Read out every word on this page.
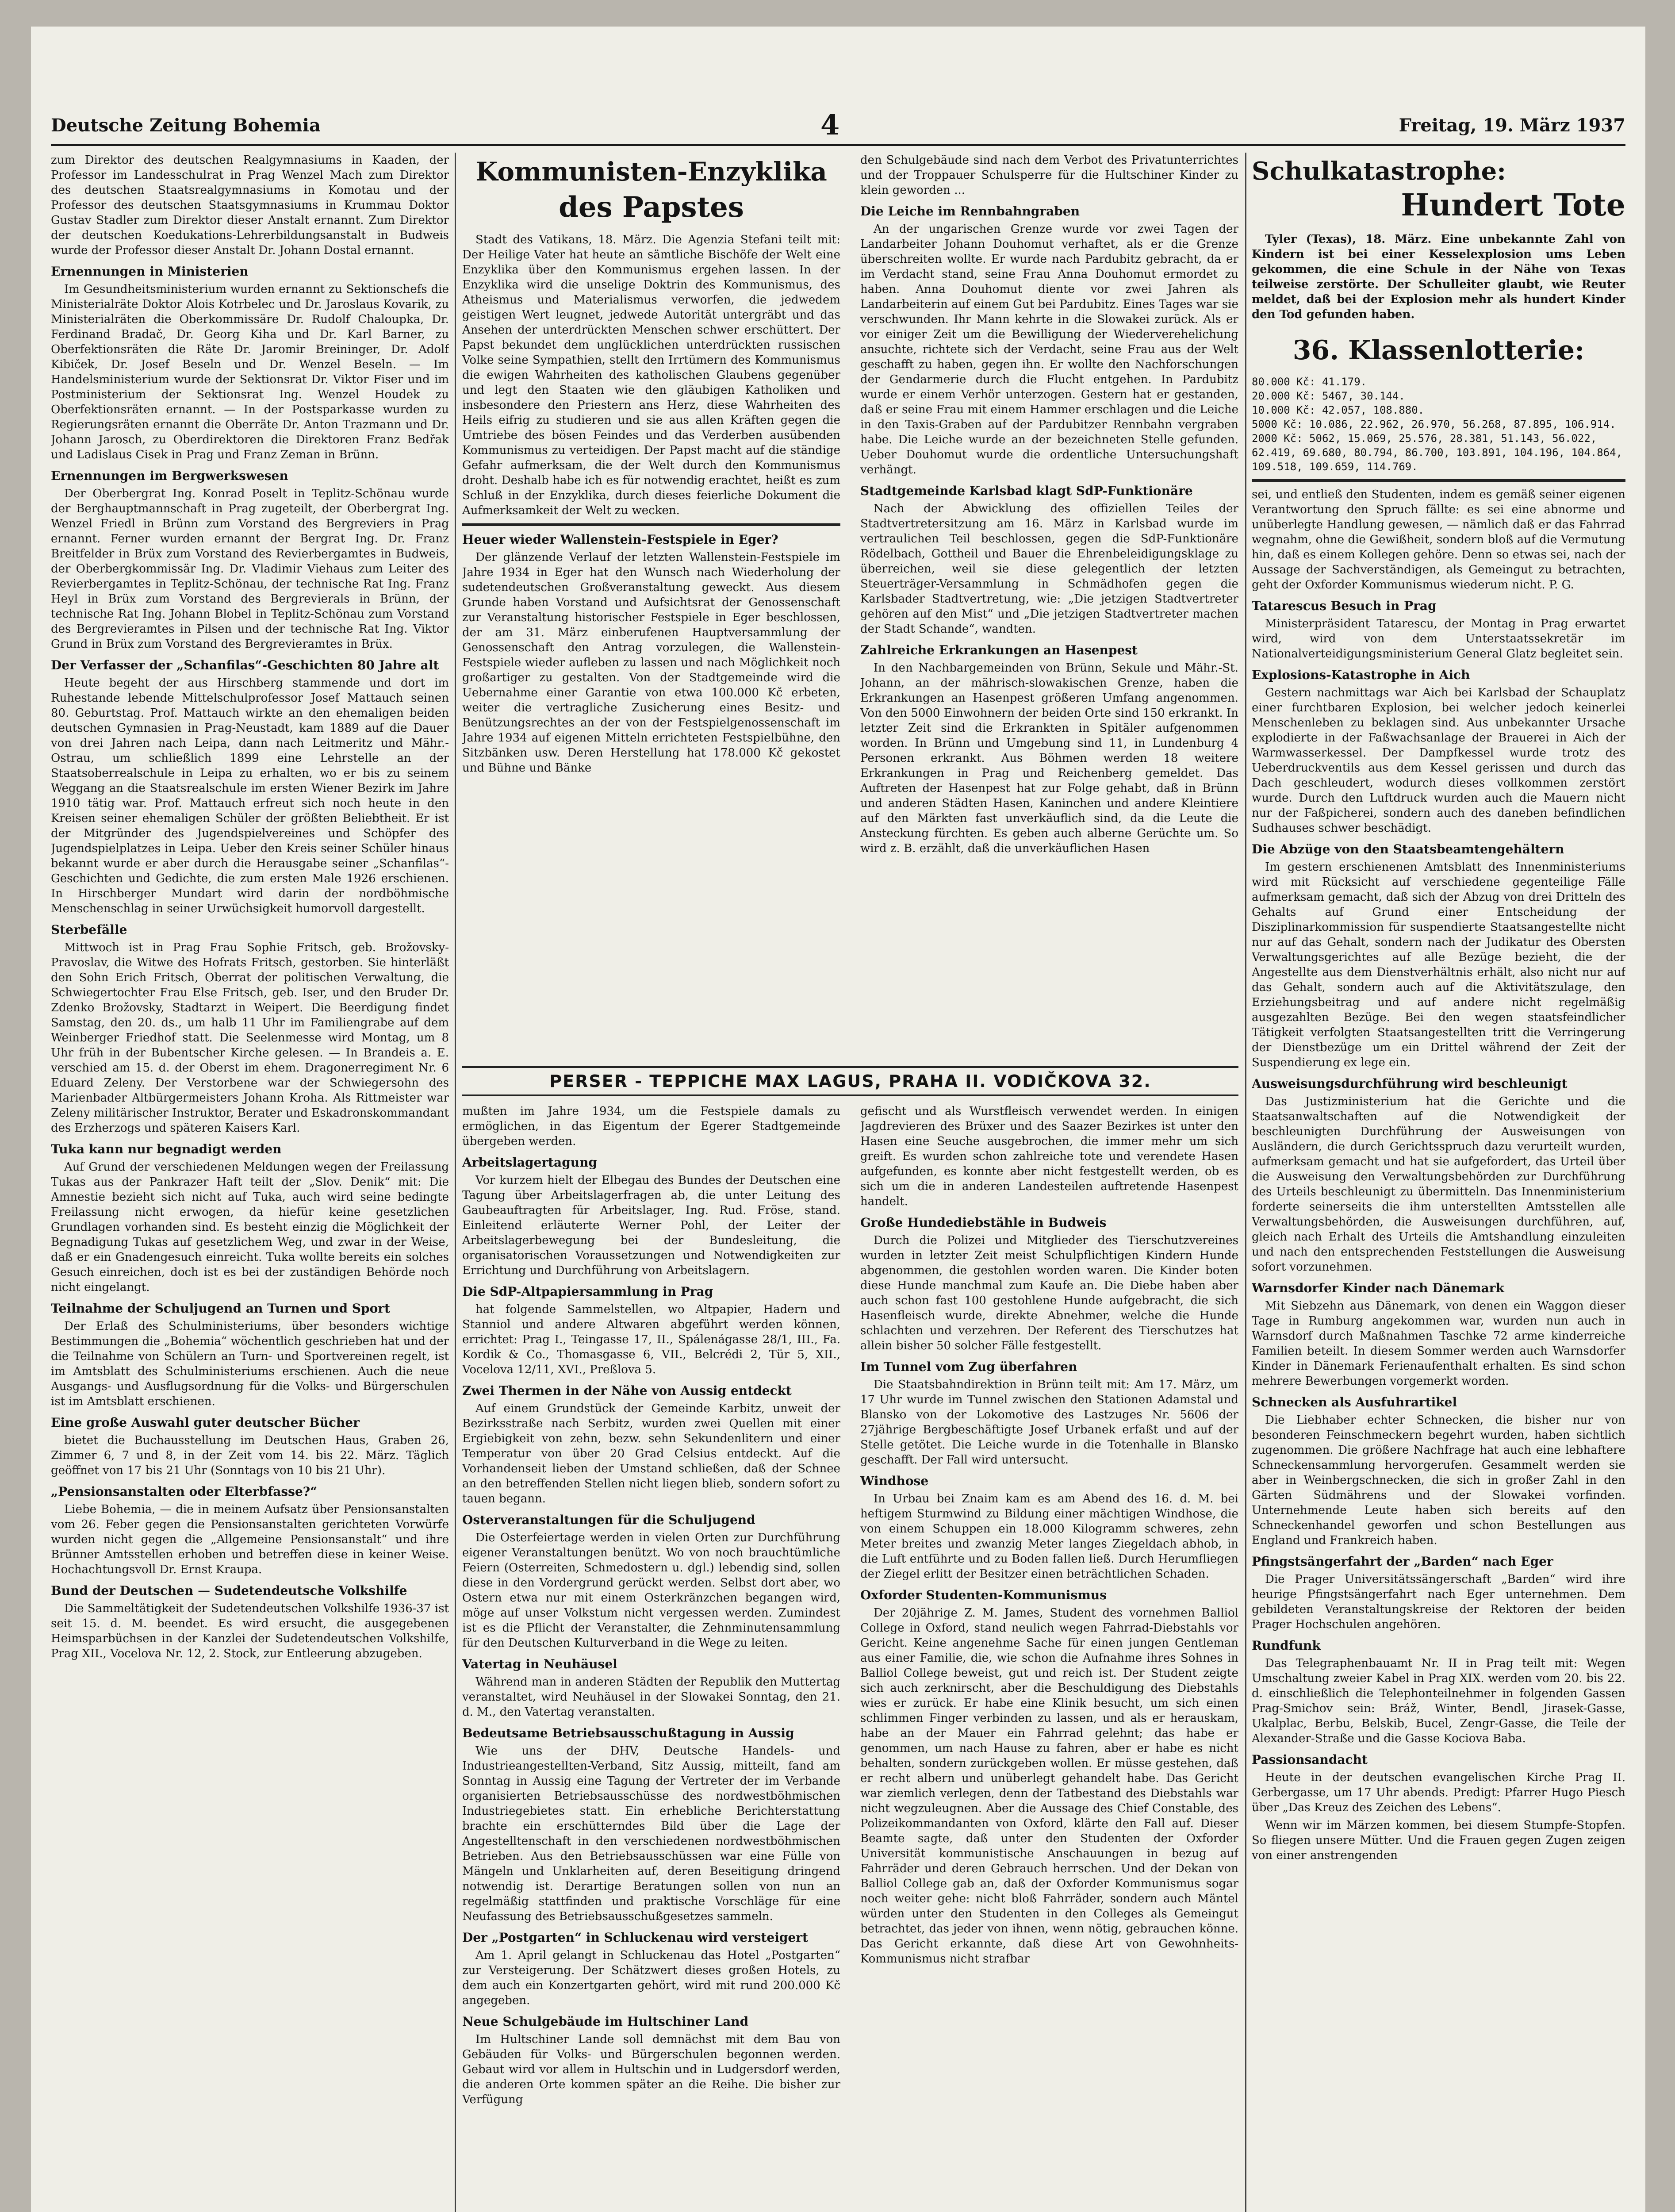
Deutsche Zeitung Bohemia	4	Freitag, 19. März 1937

zum Direktor des deutschen Realgymnasiums in Kaaden, der Professor im Landesschulrat in Prag Wenzel Mach zum Direktor des deutschen Staatsrealgymnasiums in Komotau und der Professor des deutschen Staatsgymnasiums in Krummau Doktor Gustav Stadler zum Direktor dieser Anstalt ernannt. Zum Direktor der deutschen Koedukations-Lehrerbildungsanstalt in Budweis wurde der Professor dieser Anstalt Dr. Johann Dostal ernannt.

Ernennungen in Ministerien

Im Gesundheitsministerium wurden ernannt zu Sektionschefs die Ministerialräte Doktor Alois Kotrbelec und Dr. Jaroslaus Kovarik, zu Ministerialräten die Oberkommissäre Dr. Rudolf Chaloupka, Dr. Ferdinand Bradač, Dr. Georg Kiha und Dr. Karl Barner, zu Oberfektionsräten die Räte Dr. Jaromir Breininger, Dr. Adolf Kibiček, Dr. Josef Beseln und Dr. Wenzel Beseln. — Im Handelsministerium wurde der Sektionsrat Dr. Viktor Fiser und im Postministerium der Sektionsrat Ing. Wenzel Houdek zu Oberfektionsräten ernannt. — In der Postsparkasse wurden zu Regierungsräten ernannt die Oberräte Dr. Anton Trazmann und Dr. Johann Jarosch, zu Oberdirektoren die Direktoren Franz Bedřak und Ladislaus Cisek in Prag und Franz Zeman in Brünn.

Ernennungen im Bergwerkswesen

Der Oberbergrat Ing. Konrad Poselt in Teplitz-Schönau wurde der Berghauptmannschaft in Prag zugeteilt, der Oberbergrat Ing. Wenzel Friedl in Brünn zum Vorstand des Bergreviers in Prag ernannt. Ferner wurden ernannt der Bergrat Ing. Dr. Franz Breitfelder in Brüx zum Vorstand des Revierbergamtes in Budweis, der Oberbergkommissär Ing. Dr. Vladimir Viehaus zum Leiter des Revierbergamtes in Teplitz-Schönau, der technische Rat Ing. Franz Heyl in Brüx zum Vorstand des Bergrevierals in Brünn, der technische Rat Ing. Johann Blobel in Teplitz-Schönau zum Vorstand des Bergrevieramtes in Pilsen und der technische Rat Ing. Viktor Grund in Brüx zum Vorstand des Bergrevieramtes in Brüx.

Der Verfasser der „Schanfilas“-Geschichten 80 Jahre alt

Heute begeht der aus Hirschberg stammende und dort im Ruhestande lebende Mittelschulprofessor Josef Mattauch seinen 80. Geburtstag. Prof. Mattauch wirkte an den ehemaligen beiden deutschen Gymnasien in Prag-Neustadt, kam 1889 auf die Dauer von drei Jahren nach Leipa, dann nach Leitmeritz und Mähr.-Ostrau, um schließlich 1899 eine Lehrstelle an der Staatsoberrealschule in Leipa zu erhalten, wo er bis zu seinem Weggang an die Staatsrealschule im ersten Wiener Bezirk im Jahre 1910 tätig war. Prof. Mattauch erfreut sich noch heute in den Kreisen seiner ehemaligen Schüler der größten Beliebtheit. Er ist der Mitgründer des Jugendspielvereines und Schöpfer des Jugendspielplatzes in Leipa. Ueber den Kreis seiner Schüler hinaus bekannt wurde er aber durch die Herausgabe seiner „Schanfilas“-Geschichten und Gedichte, die zum ersten Male 1926 erschienen. In Hirschberger Mundart wird darin der nordböhmische Menschenschlag in seiner Urwüchsigkeit humorvoll dargestellt.

Sterbefälle

Mittwoch ist in Prag Frau Sophie Fritsch, geb. Brožovsky-Pravoslav, die Witwe des Hofrats Fritsch, gestorben. Sie hinterläßt den Sohn Erich Fritsch, Oberrat der politischen Verwaltung, die Schwiegertochter Frau Else Fritsch, geb. Iser, und den Bruder Dr. Zdenko Brožovsky, Stadtarzt in Weipert. Die Beerdigung findet Samstag, den 20. ds., um halb 11 Uhr im Familiengrabe auf dem Weinberger Friedhof statt. Die Seelenmesse wird Montag, um 8 Uhr früh in der Bubentscher Kirche gelesen. — In Brandeis a. E. verschied am 15. d. der Oberst im ehem. Dragonerregiment Nr. 6 Eduard Zeleny. Der Verstorbene war der Schwiegersohn des Marienbader Altbürgermeisters Johann Kroha. Als Rittmeister war Zeleny militärischer Instruktor, Berater und Eskadronskommandant des Erzherzogs und späteren Kaisers Karl.

Tuka kann nur begnadigt werden

Auf Grund der verschiedenen Meldungen wegen der Freilassung Tukas aus der Pankrazer Haft teilt der „Slov. Denik“ mit: Die Amnestie bezieht sich nicht auf Tuka, auch wird seine bedingte Freilassung nicht erwogen, da hiefür keine gesetzlichen Grundlagen vorhanden sind. Es besteht einzig die Möglichkeit der Begnadigung Tukas auf gesetzlichem Weg, und zwar in der Weise, daß er ein Gnadengesuch einreicht. Tuka wollte bereits ein solches Gesuch einreichen, doch ist es bei der zuständigen Behörde noch nicht eingelangt.

Teilnahme der Schuljugend an Turnen und Sport

Der Erlaß des Schulministeriums, über besonders wichtige Bestimmungen die „Bohemia“ wöchentlich geschrieben hat und der die Teilnahme von Schülern an Turn- und Sportvereinen regelt, ist im Amtsblatt des Schulministeriums erschienen. Auch die neue Ausgangs- und Ausflugsordnung für die Volks- und Bürgerschulen ist im Amtsblatt erschienen.

Eine große Auswahl guter deutscher Bücher

bietet die Buchausstellung im Deutschen Haus, Graben 26, Zimmer 6, 7 und 8, in der Zeit vom 14. bis 22. März. Täglich geöffnet von 17 bis 21 Uhr (Sonntags von 10 bis 21 Uhr).

„Pensionsanstalten oder Elterbfasse?“

Liebe Bohemia, — die in meinem Aufsatz über Pensionsanstalten vom 26. Feber gegen die Pensionsanstalten gerichteten Vorwürfe wurden nicht gegen die „Allgemeine Pensionsanstalt“ und ihre Brünner Amtsstellen erhoben und betreffen diese in keiner Weise. Hochachtungsvoll Dr. Ernst Kraupa.

Bund der Deutschen — Sudetendeutsche Volkshilfe

Die Sammeltätigkeit der Sudetendeutschen Volkshilfe 1936-37 ist seit 15. d. M. beendet. Es wird ersucht, die ausgegebenen Heimsparbüchsen in der Kanzlei der Sudetendeutschen Volkshilfe, Prag XII., Vocelova Nr. 12, 2. Stock, zur Entleerung abzugeben.

Kommunisten-Enzyklika
des Papstes

Stadt des Vatikans, 18. März. Die Agenzia Stefani teilt mit: Der Heilige Vater hat heute an sämtliche Bischöfe der Welt eine Enzyklika über den Kommunismus ergehen lassen. In der Enzyklika wird die unselige Doktrin des Kommunismus, des Atheismus und Materialismus verworfen, die jedwedem geistigen Wert leugnet, jedwede Autorität untergräbt und das Ansehen der unterdrückten Menschen schwer erschüttert. Der Papst bekundet dem unglücklichen unterdrückten russischen Volke seine Sympathien, stellt den Irrtümern des Kommunismus die ewigen Wahrheiten des katholischen Glaubens gegenüber und legt den Staaten wie den gläubigen Katholiken und insbesondere den Priestern ans Herz, diese Wahrheiten des Heils eifrig zu studieren und sie aus allen Kräften gegen die Umtriebe des bösen Feindes und das Verderben ausübenden Kommunismus zu verteidigen. Der Papst macht auf die ständige Gefahr aufmerksam, die der Welt durch den Kommunismus droht. Deshalb habe ich es für notwendig erachtet, heißt es zum Schluß in der Enzyklika, durch dieses feierliche Dokument die Aufmerksamkeit der Welt zu wecken.

Heuer wieder Wallenstein-Festspiele in Eger?

Der glänzende Verlauf der letzten Wallenstein-Festspiele im Jahre 1934 in Eger hat den Wunsch nach Wiederholung der sudetendeutschen Großveranstaltung geweckt. Aus diesem Grunde haben Vorstand und Aufsichtsrat der Genossenschaft zur Veranstaltung historischer Festspiele in Eger beschlossen, der am 31. März einberufenen Hauptversammlung der Genossenschaft den Antrag vorzulegen, die Wallenstein-Festspiele wieder aufleben zu lassen und nach Möglichkeit noch großartiger zu gestalten. Von der Stadtgemeinde wird die Uebernahme einer Garantie von etwa 100.000 Kč erbeten, weiter die vertragliche Zusicherung eines Besitz- und Benützungsrechtes an der von der Festspielgenossenschaft im Jahre 1934 auf eigenen Mitteln errichteten Festspielbühne, den Sitzbänken usw. Deren Herstellung hat 178.000 Kč gekostet und Bühne und Bänke

den Schulgebäude sind nach dem Verbot des Privatunterrichtes und der Troppauer Schulsperre für die Hultschiner Kinder zu klein geworden ...

Die Leiche im Rennbahngraben

An der ungarischen Grenze wurde vor zwei Tagen der Landarbeiter Johann Douhomut verhaftet, als er die Grenze überschreiten wollte. Er wurde nach Pardubitz gebracht, da er im Verdacht stand, seine Frau Anna Douhomut ermordet zu haben. Anna Douhomut diente vor zwei Jahren als Landarbeiterin auf einem Gut bei Pardubitz. Eines Tages war sie verschwunden. Ihr Mann kehrte in die Slowakei zurück. Als er vor einiger Zeit um die Bewilligung der Wiederverehelichung ansuchte, richtete sich der Verdacht, seine Frau aus der Welt geschafft zu haben, gegen ihn. Er wollte den Nachforschungen der Gendarmerie durch die Flucht entgehen. In Pardubitz wurde er einem Verhör unterzogen. Gestern hat er gestanden, daß er seine Frau mit einem Hammer erschlagen und die Leiche in den Taxis-Graben auf der Pardubitzer Rennbahn vergraben habe. Die Leiche wurde an der bezeichneten Stelle gefunden. Ueber Douhomut wurde die ordentliche Untersuchungshaft verhängt.

Stadtgemeinde Karlsbad klagt SdP-Funktionäre

Nach der Abwicklung des offiziellen Teiles der Stadtvertretersitzung am 16. März in Karlsbad wurde im vertraulichen Teil beschlossen, gegen die SdP-Funktionäre Rödelbach, Gottheil und Bauer die Ehrenbeleidigungsklage zu überreichen, weil sie diese gelegentlich der letzten Steuerträger-Versammlung in Schmädhofen gegen die Karlsbader Stadtvertretung, wie: „Die jetzigen Stadtvertreter gehören auf den Mist“ und „Die jetzigen Stadtvertreter machen der Stadt Schande“, wandten.

Zahlreiche Erkrankungen an Hasenpest

In den Nachbargemeinden von Brünn, Sekule und Mähr.-St. Johann, an der mährisch-slowakischen Grenze, haben die Erkrankungen an Hasenpest größeren Umfang angenommen. Von den 5000 Einwohnern der beiden Orte sind 150 erkrankt. In letzter Zeit sind die Erkrankten in Spitäler aufgenommen worden. In Brünn und Umgebung sind 11, in Lundenburg 4 Personen erkrankt. Aus Böhmen werden 18 weitere Erkrankungen in Prag und Reichenberg gemeldet. Das Auftreten der Hasenpest hat zur Folge gehabt, daß in Brünn und anderen Städten Hasen, Kaninchen und andere Kleintiere auf den Märkten fast unverkäuflich sind, da die Leute die Ansteckung fürchten. Es geben auch alberne Gerüchte um. So wird z. B. erzählt, daß die unverkäuflichen Hasen

PERSER - TEPPICHE MAX LAGUS, PRAHA II. VODIČKOVA 32.

mußten im Jahre 1934, um die Festspiele damals zu ermöglichen, in das Eigentum der Egerer Stadtgemeinde übergeben werden.

Arbeitslagertagung

Vor kurzem hielt der Elbegau des Bundes der Deutschen eine Tagung über Arbeitslagerfragen ab, die unter Leitung des Gaubeauftragten für Arbeitslager, Ing. Rud. Fröse, stand. Einleitend erläuterte Werner Pohl, der Leiter der Arbeitslagerbewegung bei der Bundesleitung, die organisatorischen Voraussetzungen und Notwendigkeiten zur Errichtung und Durchführung von Arbeitslagern.

Die SdP-Altpapiersammlung in Prag

hat folgende Sammelstellen, wo Altpapier, Hadern und Stanniol und andere Altwaren abgeführt werden können, errichtet: Prag I., Teingasse 17, II., Spálenágasse 28/1, III., Fa. Kordik & Co., Thomasgasse 6, VII., Belcrédi 2, Tür 5, XII., Vocelova 12/11, XVI., Preßlova 5.

Zwei Thermen in der Nähe von Aussig entdeckt

Auf einem Grundstück der Gemeinde Karbitz, unweit der Bezirksstraße nach Serbitz, wurden zwei Quellen mit einer Ergiebigkeit von zehn, bezw. sehn Sekundenlitern und einer Temperatur von über 20 Grad Celsius entdeckt. Auf die Vorhandenseit lieben der Umstand schließen, daß der Schnee an den betreffenden Stellen nicht liegen blieb, sondern sofort zu tauen begann.

Osterveranstaltungen für die Schuljugend

Die Osterfeiertage werden in vielen Orten zur Durchführung eigener Veranstaltungen benützt. Wo von noch brauchtümliche Feiern (Osterreiten, Schmedostern u. dgl.) lebendig sind, sollen diese in den Vordergrund gerückt werden. Selbst dort aber, wo Ostern etwa nur mit einem Osterkränzchen begangen wird, möge auf unser Volkstum nicht vergessen werden. Zumindest ist es die Pflicht der Veranstalter, die Zehnminutensammlung für den Deutschen Kulturverband in die Wege zu leiten.

Vatertag in Neuhäusel

Während man in anderen Städten der Republik den Muttertag veranstaltet, wird Neuhäusel in der Slowakei Sonntag, den 21. d. M., den Vatertag veranstalten.

Bedeutsame Betriebsausschußtagung in Aussig

Wie uns der DHV, Deutsche Handels- und Industrieangestellten-Verband, Sitz Aussig, mitteilt, fand am Sonntag in Aussig eine Tagung der Vertreter der im Verbande organisierten Betriebsausschüsse des nordwestböhmischen Industriegebietes statt. Ein erhebliche Berichterstattung brachte ein erschütterndes Bild über die Lage der Angestelltenschaft in den verschiedenen nordwestböhmischen Betrieben. Aus den Betriebsausschüssen war eine Fülle von Mängeln und Unklarheiten auf, deren Beseitigung dringend notwendig ist. Derartige Beratungen sollen von nun an regelmäßig stattfinden und praktische Vorschläge für eine Neufassung des Betriebsausschußgesetzes sammeln.

Der „Postgarten“ in Schluckenau wird versteigert

Am 1. April gelangt in Schluckenau das Hotel „Postgarten“ zur Versteigerung. Der Schätzwert dieses großen Hotels, zu dem auch ein Konzertgarten gehört, wird mit rund 200.000 Kč angegeben.

Neue Schulgebäude im Hultschiner Land

Im Hultschiner Lande soll demnächst mit dem Bau von Gebäuden für Volks- und Bürgerschulen begonnen werden. Gebaut wird vor allem in Hultschin und in Ludgersdorf werden, die anderen Orte kommen später an die Reihe. Die bisher zur Verfügung

gefischt und als Wurstfleisch verwendet werden. In einigen Jagdrevieren des Brüxer und des Saazer Bezirkes ist unter den Hasen eine Seuche ausgebrochen, die immer mehr um sich greift. Es wurden schon zahlreiche tote und verendete Hasen aufgefunden, es konnte aber nicht festgestellt werden, ob es sich um die in anderen Landesteilen auftretende Hasenpest handelt.

Große Hundediebstähle in Budweis

Durch die Polizei und Mitglieder des Tierschutzvereines wurden in letzter Zeit meist Schulpflichtigen Kindern Hunde abgenommen, die gestohlen worden waren. Die Kinder boten diese Hunde manchmal zum Kaufe an. Die Diebe haben aber auch schon fast 100 gestohlene Hunde aufgebracht, die sich Hasenfleisch wurde, direkte Abnehmer, welche die Hunde schlachten und verzehren. Der Referent des Tierschutzes hat allein bisher 50 solcher Fälle festgestellt.

Im Tunnel vom Zug überfahren

Die Staatsbahndirektion in Brünn teilt mit: Am 17. März, um 17 Uhr wurde im Tunnel zwischen den Stationen Adamstal und Blansko von der Lokomotive des Lastzuges Nr. 5606 der 27jährige Bergbeschäftigte Josef Urbanek erfaßt und auf der Stelle getötet. Die Leiche wurde in die Totenhalle in Blansko geschafft. Der Fall wird untersucht.

Windhose

In Urbau bei Znaim kam es am Abend des 16. d. M. bei heftigem Sturmwind zu Bildung einer mächtigen Windhose, die von einem Schuppen ein 18.000 Kilogramm schweres, zehn Meter breites und zwanzig Meter langes Ziegeldach abhob, in die Luft entführte und zu Boden fallen ließ. Durch Herumfliegen der Ziegel erlitt der Besitzer einen beträchtlichen Schaden.

Oxforder Studenten-Kommunismus

Der 20jährige Z. M. James, Student des vornehmen Balliol College in Oxford, stand neulich wegen Fahrrad-Diebstahls vor Gericht. Keine angenehme Sache für einen jungen Gentleman aus einer Familie, die, wie schon die Aufnahme ihres Sohnes in Balliol College beweist, gut und reich ist. Der Student zeigte sich auch zerknirscht, aber die Beschuldigung des Diebstahls wies er zurück. Er habe eine Klinik besucht, um sich einen schlimmen Finger verbinden zu lassen, und als er herauskam, habe an der Mauer ein Fahrrad gelehnt; das habe er genommen, um nach Hause zu fahren, aber er habe es nicht behalten, sondern zurückgeben wollen. Er müsse gestehen, daß er recht albern und unüberlegt gehandelt habe. Das Gericht war ziemlich verlegen, denn der Tatbestand des Diebstahls war nicht wegzuleugnen. Aber die Aussage des Chief Constable, des Polizeikommandanten von Oxford, klärte den Fall auf. Dieser Beamte sagte, daß unter den Studenten der Oxforder Universität kommunistische Anschauungen in bezug auf Fahrräder und deren Gebrauch herrschen. Und der Dekan von Balliol College gab an, daß der Oxforder Kommunismus sogar noch weiter gehe: nicht bloß Fahrräder, sondern auch Mäntel würden unter den Studenten in den Colleges als Gemeingut betrachtet, das jeder von ihnen, wenn nötig, gebrauchen könne. Das Gericht erkannte, daß diese Art von Gewohnheits-Kommunismus nicht strafbar

Schulkatastrophe:
Hundert Tote

Tyler (Texas), 18. März. Eine unbekannte Zahl von Kindern ist bei einer Kesselexplosion ums Leben gekommen, die eine Schule in der Nähe von Texas teilweise zerstörte. Der Schulleiter glaubt, wie Reuter meldet, daß bei der Explosion mehr als hundert Kinder den Tod gefunden haben.

36. Klassenlotterie:
80.000 Kč: 41.179.
20.000 Kč: 5467, 30.144.
10.000 Kč: 42.057, 108.880.
5000 Kč: 10.086, 22.962, 26.970, 56.268, 87.895, 106.914.
2000 Kč: 5062, 15.069, 25.576, 28.381, 51.143, 56.022, 62.419, 69.680, 80.794, 86.700, 103.891, 104.196, 104.864, 109.518, 109.659, 114.769.

sei, und entließ den Studenten, indem es gemäß seiner eigenen Verantwortung den Spruch fällte: es sei eine abnorme und unüberlegte Handlung gewesen, — nämlich daß er das Fahrrad wegnahm, ohne die Gewißheit, sondern bloß auf die Vermutung hin, daß es einem Kollegen gehöre. Denn so etwas sei, nach der Aussage der Sachverständigen, als Gemeingut zu betrachten, geht der Oxforder Kommunismus wiederum nicht. P. G.

Tatarescus Besuch in Prag

Ministerpräsident Tatarescu, der Montag in Prag erwartet wird, wird von dem Unterstaatssekretär im Nationalverteidigungsministerium General Glatz begleitet sein.

Explosions-Katastrophe in Aich

Gestern nachmittags war Aich bei Karlsbad der Schauplatz einer furchtbaren Explosion, bei welcher jedoch keinerlei Menschenleben zu beklagen sind. Aus unbekannter Ursache explodierte in der Faßwachsanlage der Brauerei in Aich der Warmwasserkessel. Der Dampfkessel wurde trotz des Ueberdruckventils aus dem Kessel gerissen und durch das Dach geschleudert, wodurch dieses vollkommen zerstört wurde. Durch den Luftdruck wurden auch die Mauern nicht nur der Faßpicherei, sondern auch des daneben befindlichen Sudhauses schwer beschädigt.

Die Abzüge von den Staatsbeamtengehältern

Im gestern erschienenen Amtsblatt des Innenministeriums wird mit Rücksicht auf verschiedene gegenteilige Fälle aufmerksam gemacht, daß sich der Abzug von drei Dritteln des Gehalts auf Grund einer Entscheidung der Disziplinarkommission für suspendierte Staatsangestellte nicht nur auf das Gehalt, sondern nach der Judikatur des Obersten Verwaltungsgerichtes auf alle Bezüge bezieht, die der Angestellte aus dem Dienstverhältnis erhält, also nicht nur auf das Gehalt, sondern auch auf die Aktivitätszulage, den Erziehungsbeitrag und auf andere nicht regelmäßig ausgezahlten Bezüge. Bei den wegen staatsfeindlicher Tätigkeit verfolgten Staatsangestellten tritt die Verringerung der Dienstbezüge um ein Drittel während der Zeit der Suspendierung ex lege ein.

Ausweisungsdurchführung wird beschleunigt

Das Justizministerium hat die Gerichte und die Staatsanwaltschaften auf die Notwendigkeit der beschleunigten Durchführung der Ausweisungen von Ausländern, die durch Gerichtsspruch dazu verurteilt wurden, aufmerksam gemacht und hat sie aufgefordert, das Urteil über die Ausweisung den Verwaltungsbehörden zur Durchführung des Urteils beschleunigt zu übermitteln. Das Innenministerium forderte seinerseits die ihm unterstellten Amtsstellen alle Verwaltungsbehörden, die Ausweisungen durchführen, auf, gleich nach Erhalt des Urteils die Amtshandlung einzuleiten und nach den entsprechenden Feststellungen die Ausweisung sofort vorzunehmen.

Warnsdorfer Kinder nach Dänemark

Mit Siebzehn aus Dänemark, von denen ein Waggon dieser Tage in Rumburg angekommen war, wurden nun auch in Warnsdorf durch Maßnahmen Taschke 72 arme kinderreiche Familien beteilt. In diesem Sommer werden auch Warnsdorfer Kinder in Dänemark Ferienaufenthalt erhalten. Es sind schon mehrere Bewerbungen vorgemerkt worden.

Schnecken als Ausfuhrartikel

Die Liebhaber echter Schnecken, die bisher nur von besonderen Feinschmeckern begehrt wurden, haben sichtlich zugenommen. Die größere Nachfrage hat auch eine lebhaftere Schneckensammlung hervorgerufen. Gesammelt werden sie aber in Weinbergschnecken, die sich in großer Zahl in den Gärten Südmährens und der Slowakei vorfinden. Unternehmende Leute haben sich bereits auf den Schneckenhandel geworfen und schon Bestellungen aus England und Frankreich haben.

Pfingstsängerfahrt der „Barden“ nach Eger

Die Prager Universitätssängerschaft „Barden“ wird ihre heurige Pfingstsängerfahrt nach Eger unternehmen. Dem gebildeten Veranstaltungskreise der Rektoren der beiden Prager Hochschulen angehören.

Rundfunk

Das Telegraphenbauamt Nr. II in Prag teilt mit: Wegen Umschaltung zweier Kabel in Prag XIX. werden vom 20. bis 22. d. einschließlich die Telephonteilnehmer in folgenden Gassen Prag-Smichov sein: Bráž, Winter, Bendl, Jirasek-Gasse, Ukalplac, Berbu, Belskib, Bucel, Zengr-Gasse, die Teile der Alexander-Straße und die Gasse Kociova Baba.

Passionsandacht

Heute in der deutschen evangelischen Kirche Prag II. Gerbergasse, um 17 Uhr abends. Predigt: Pfarrer Hugo Piesch über „Das Kreuz des Zeichen des Lebens“.

Wenn wir im Märzen kommen, bei diesem Stumpfe-Stopfen. So fliegen unsere Mütter. Und die Frauen gegen Zugen zeigen von einer anstrengenden
